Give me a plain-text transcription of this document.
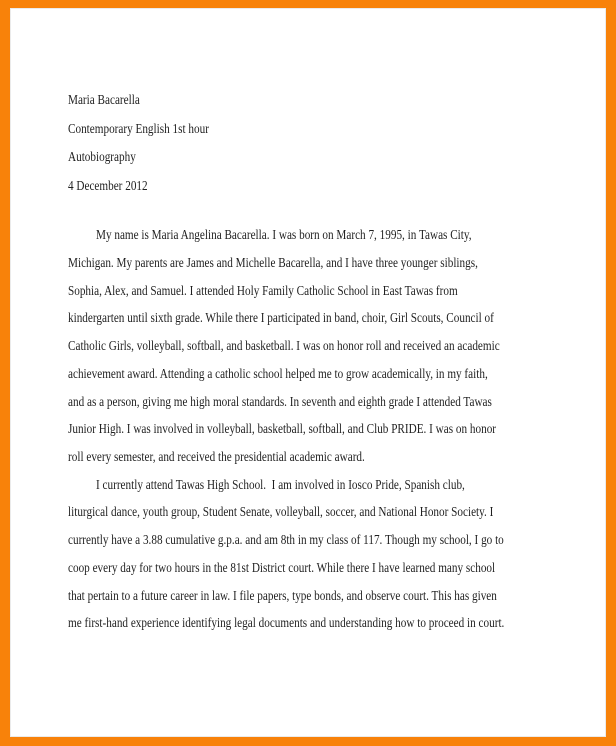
Maria Bacarella
Contemporary English 1st hour
Autobiography
4 December 2012
My name is Maria Angelina Bacarella. I was born on March 7, 1995, in Tawas City,
Michigan. My parents are James and Michelle Bacarella, and I have three younger siblings,
Sophia, Alex, and Samuel. I attended Holy Family Catholic School in East Tawas from
kindergarten until sixth grade. While there I participated in band, choir, Girl Scouts, Council of
Catholic Girls, volleyball, softball, and basketball. I was on honor roll and received an academic
achievement award. Attending a catholic school helped me to grow academically, in my faith,
and as a person, giving me high moral standards. In seventh and eighth grade I attended Tawas
Junior High. I was involved in volleyball, basketball, softball, and Club PRIDE. I was on honor
roll every semester, and received the presidential academic award.
I currently attend Tawas High School.  I am involved in Iosco Pride, Spanish club,
liturgical dance, youth group, Student Senate, volleyball, soccer, and National Honor Society. I
currently have a 3.88 cumulative g.p.a. and am 8th in my class of 117. Though my school, I go to
coop every day for two hours in the 81st District court. While there I have learned many school
that pertain to a future career in law. I file papers, type bonds, and observe court. This has given
me first-hand experience identifying legal documents and understanding how to proceed in court.
